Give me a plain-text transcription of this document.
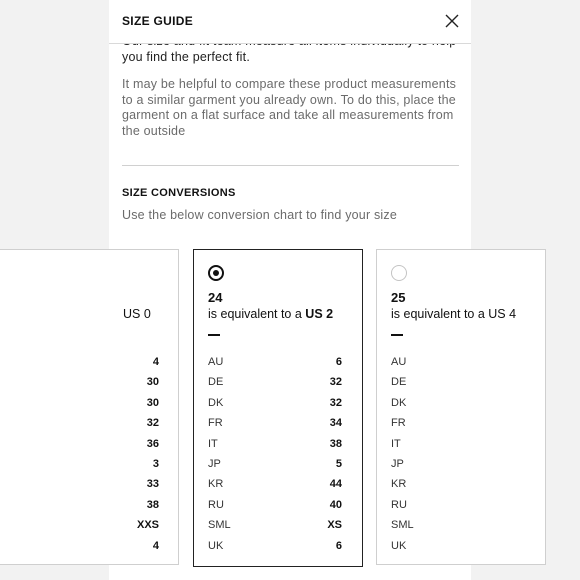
you find the perfect fit.
It may be helpful to compare these product measurements to a similar garment you already own. To do this, place the garment on a flat surface and take all measurements from the outside
SIZE GUIDE
SIZE CONVERSIONS
Use the below conversion chart to find your size
US 0
4
30
30
32
36
3
33
38
XXS
4
24
is equivalent to a US 2
AU	6
DE	32
DK	32
FR	34
IT	38
JP	5
KR	44
RU	40
SML	XS
UK	6
25
is equivalent to a US 4
AU
DE
DK
FR
IT
JP
KR
RU
SML
UK
